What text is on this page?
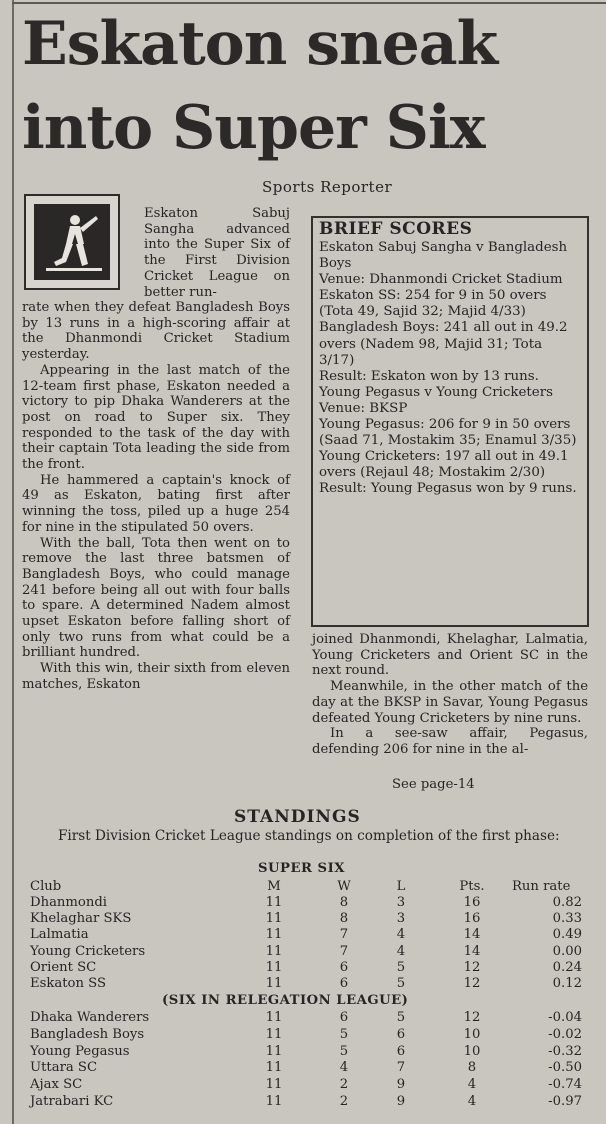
Eskaton sneak
into Super Six
Sports Reporter

Eskaton Sabuj Sangha advanced into the Super Six of the First Division Cricket League on better run-

rate when they defeat Bangladesh Boys by 13 runs in a high-scoring affair at the Dhanmondi Cricket Stadium yesterday.

Appearing in the last match of the 12-team first phase, Eskaton needed a victory to pip Dhaka Wanderers at the post on road to Super six. They responded to the task of the day with their captain Tota leading the side from the front.

He hammered a captain's knock of 49 as Eskaton, bating first after winning the toss, piled up a huge 254 for nine in the stipulated 50 overs.

With the ball, Tota then went on to remove the last three batsmen of Bangladesh Boys, who could manage 241 before being all out with four balls to spare. A determined Nadem almost upset Eskaton before falling short of only two runs from what could be a brilliant hundred.

With this win, their sixth from eleven matches, Eskaton

BRIEF SCORES
Eskaton Sabuj Sangha v Bangladesh Boys
Venue: Dhanmondi Cricket Stadium
Eskaton SS: 254 for 9 in 50 overs (Tota 49, Sajid 32; Majid 4/33)
Bangladesh Boys: 241 all out in 49.2 overs (Nadem 98, Majid 31; Tota 3/17)
Result: Eskaton won by 13 runs.
Young Pegasus v Young Cricketers
Venue: BKSP
Young Pegasus: 206 for 9 in 50 overs (Saad 71, Mostakim 35; Enamul 3/35)
Young Cricketers: 197 all out in 49.1 overs (Rejaul 48; Mostakim 2/30)
Result: Young Pegasus won by 9 runs.

joined Dhanmondi, Khelaghar, Lalmatia, Young Cricketers and Orient SC in the next round.

Meanwhile, in the other match of the day at the BKSP in Savar, Young Pegasus defeated Young Cricketers by nine runs.

In a see-saw affair, Pegasus, defending 206 for nine in the al-

See page-14
STANDINGS
First Division Cricket League standings on completion of the first phase:
SUPER SIX
Club	M	W	L	Pts. Run rate
Dhanmondi	11	8	3	16	0.82
Khelaghar SKS	11	8	3	16	0.33
Lalmatia	11	7	4	14	0.49
Young Cricketers	11	7	4	14	0.00
Orient SC	11	6	5	12	0.24
Eskaton SS	11	6	5	12	0.12
(SIX IN RELEGATION LEAGUE)
Dhaka Wanderers	11	6	5	12	-0.04
Bangladesh Boys	11	5	6	10	-0.02
Young Pegasus	11	5	6	10	-0.32
Uttara SC	11	4	7	8	-0.50
Ajax SC	11	2	9	4	-0.74
Jatrabari KC	11	2	9	4	-0.97
